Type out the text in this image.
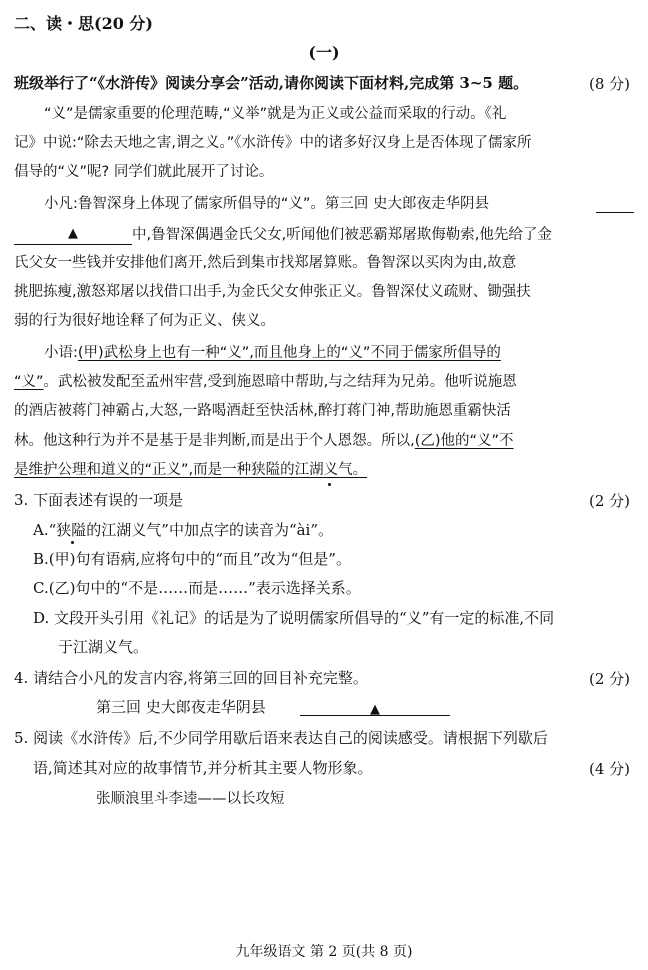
二、读・思(20 分)
(一)
班级举行了“《水浒传》阅读分享会”活动,请你阅读下面材料,完成第 3~5 题。	(8 分)
“义”是儒家重要的伦理范畴,“义举”就是为正义或公益而采取的行动。《礼
记》中说:“除去天地之害,谓之义。”《水浒传》中的诸多好汉身上是否体现了儒家所
倡导的“义”呢? 同学们就此展开了讨论。
小凡:鲁智深身上体现了儒家所倡导的“义”。第三回 史大郎夜走华阴县
▲	中,鲁智深偶遇金氏父女,听闻他们被恶霸郑屠欺侮勒索,他先给了金
氏父女一些钱并安排他们离开,然后到集市找郑屠算账。鲁智深以买肉为由,故意
挑肥拣瘦,激怒郑屠以找借口出手,为金氏父女伸张正义。鲁智深仗义疏财、锄强扶
弱的行为很好地诠释了何为正义、侠义。
小语:(甲)武松身上也有一种“义”,而且他身上的“义”不同于儒家所倡导的
“义”。武松被发配至孟州牢营,受到施恩暗中帮助,与之结拜为兄弟。他听说施恩
的酒店被蒋门神霸占,大怒,一路喝酒赶至快活林,醉打蒋门神,帮助施恩重霸快活
林。他这种行为并不是基于是非判断,而是出于个人恩怨。所以,(乙)他的“义”不
是维护公理和道义的“正义”,而是一种狭隘的江湖义气。
3. 下面表述有误的一项是	(2 分)
A.“狭隘的江湖义气”中加点字的读音为“ài”。
B.(甲)句有语病,应将句中的“而且”改为“但是”。
C.(乙)句中的“不是……而是……”表示选择关系。
D. 文段开头引用《礼记》的话是为了说明儒家所倡导的“义”有一定的标准,不同
于江湖义气。
4. 请结合小凡的发言内容,将第三回的回目补充完整。	(2 分)
第三回 史大郎夜走华阴县	▲
5. 阅读《水浒传》后,不少同学用歇后语来表达自己的阅读感受。请根据下列歇后
语,简述其对应的故事情节,并分析其主要人物形象。	(4 分)
张顺浪里斗李逵——以长攻短
九年级语文 第 2 页(共 8 页)
